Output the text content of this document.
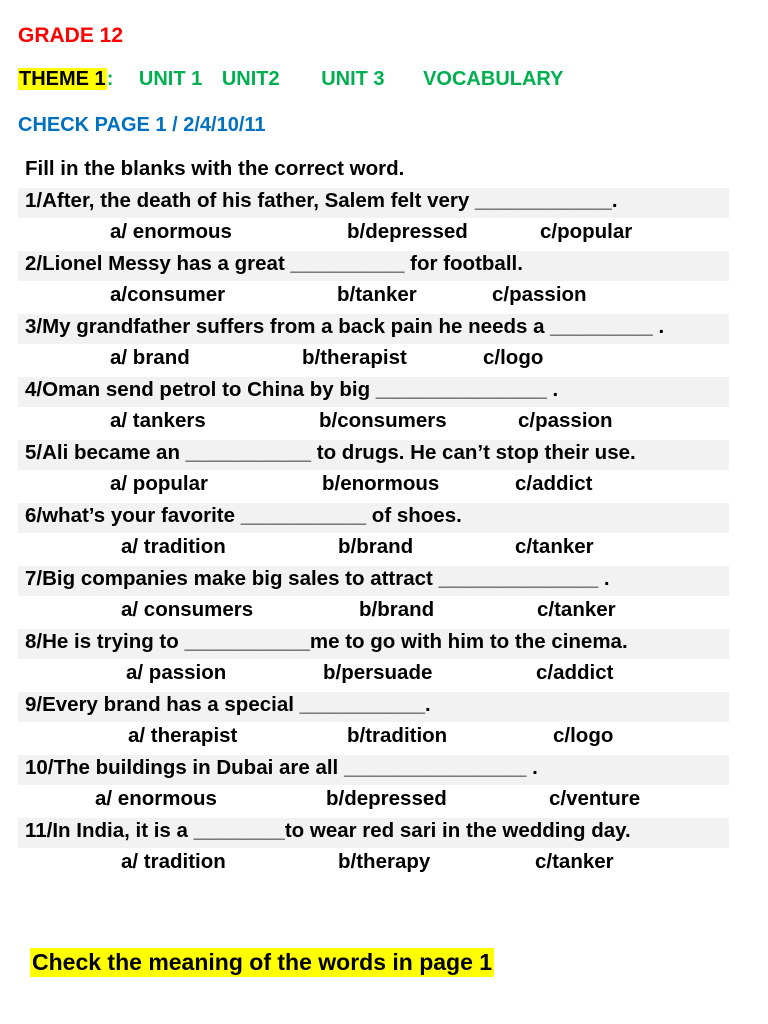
GRADE 12
THEME 1: UNIT 1 UNIT2 UNIT 3 VOCABULARY
CHECK PAGE 1 / 2/4/10/11
Fill in the blanks with the correct word.
1/After, the death of his father, Salem felt very ____________.
a/ enormous	b/depressed	c/popular
2/Lionel Messy has a great __________ for football.
a/consumer	b/tanker	c/passion
3/My grandfather suffers from a back pain he needs a _________ .
a/ brand	b/therapist	c/logo
4/Oman send petrol to China by big _______________ .
a/ tankers	b/consumers	c/passion
5/Ali became an ___________ to drugs. He can’t stop their use.
a/ popular	b/enormous	c/addict
6/what’s your favorite ___________ of shoes.
a/ tradition	b/brand	c/tanker
7/Big companies make big sales to attract ______________ .
a/ consumers	b/brand	c/tanker
8/He is trying to ___________me to go with him to the cinema.
a/ passion	b/persuade	c/addict
9/Every brand has a special ___________.
a/ therapist	b/tradition	c/logo
10/The buildings in Dubai are all ________________ .
a/ enormous	b/depressed	c/venture
11/In India, it is a ________to wear red sari in the wedding day.
a/ tradition	b/therapy	c/tanker
Check the meaning of the words in page 1
